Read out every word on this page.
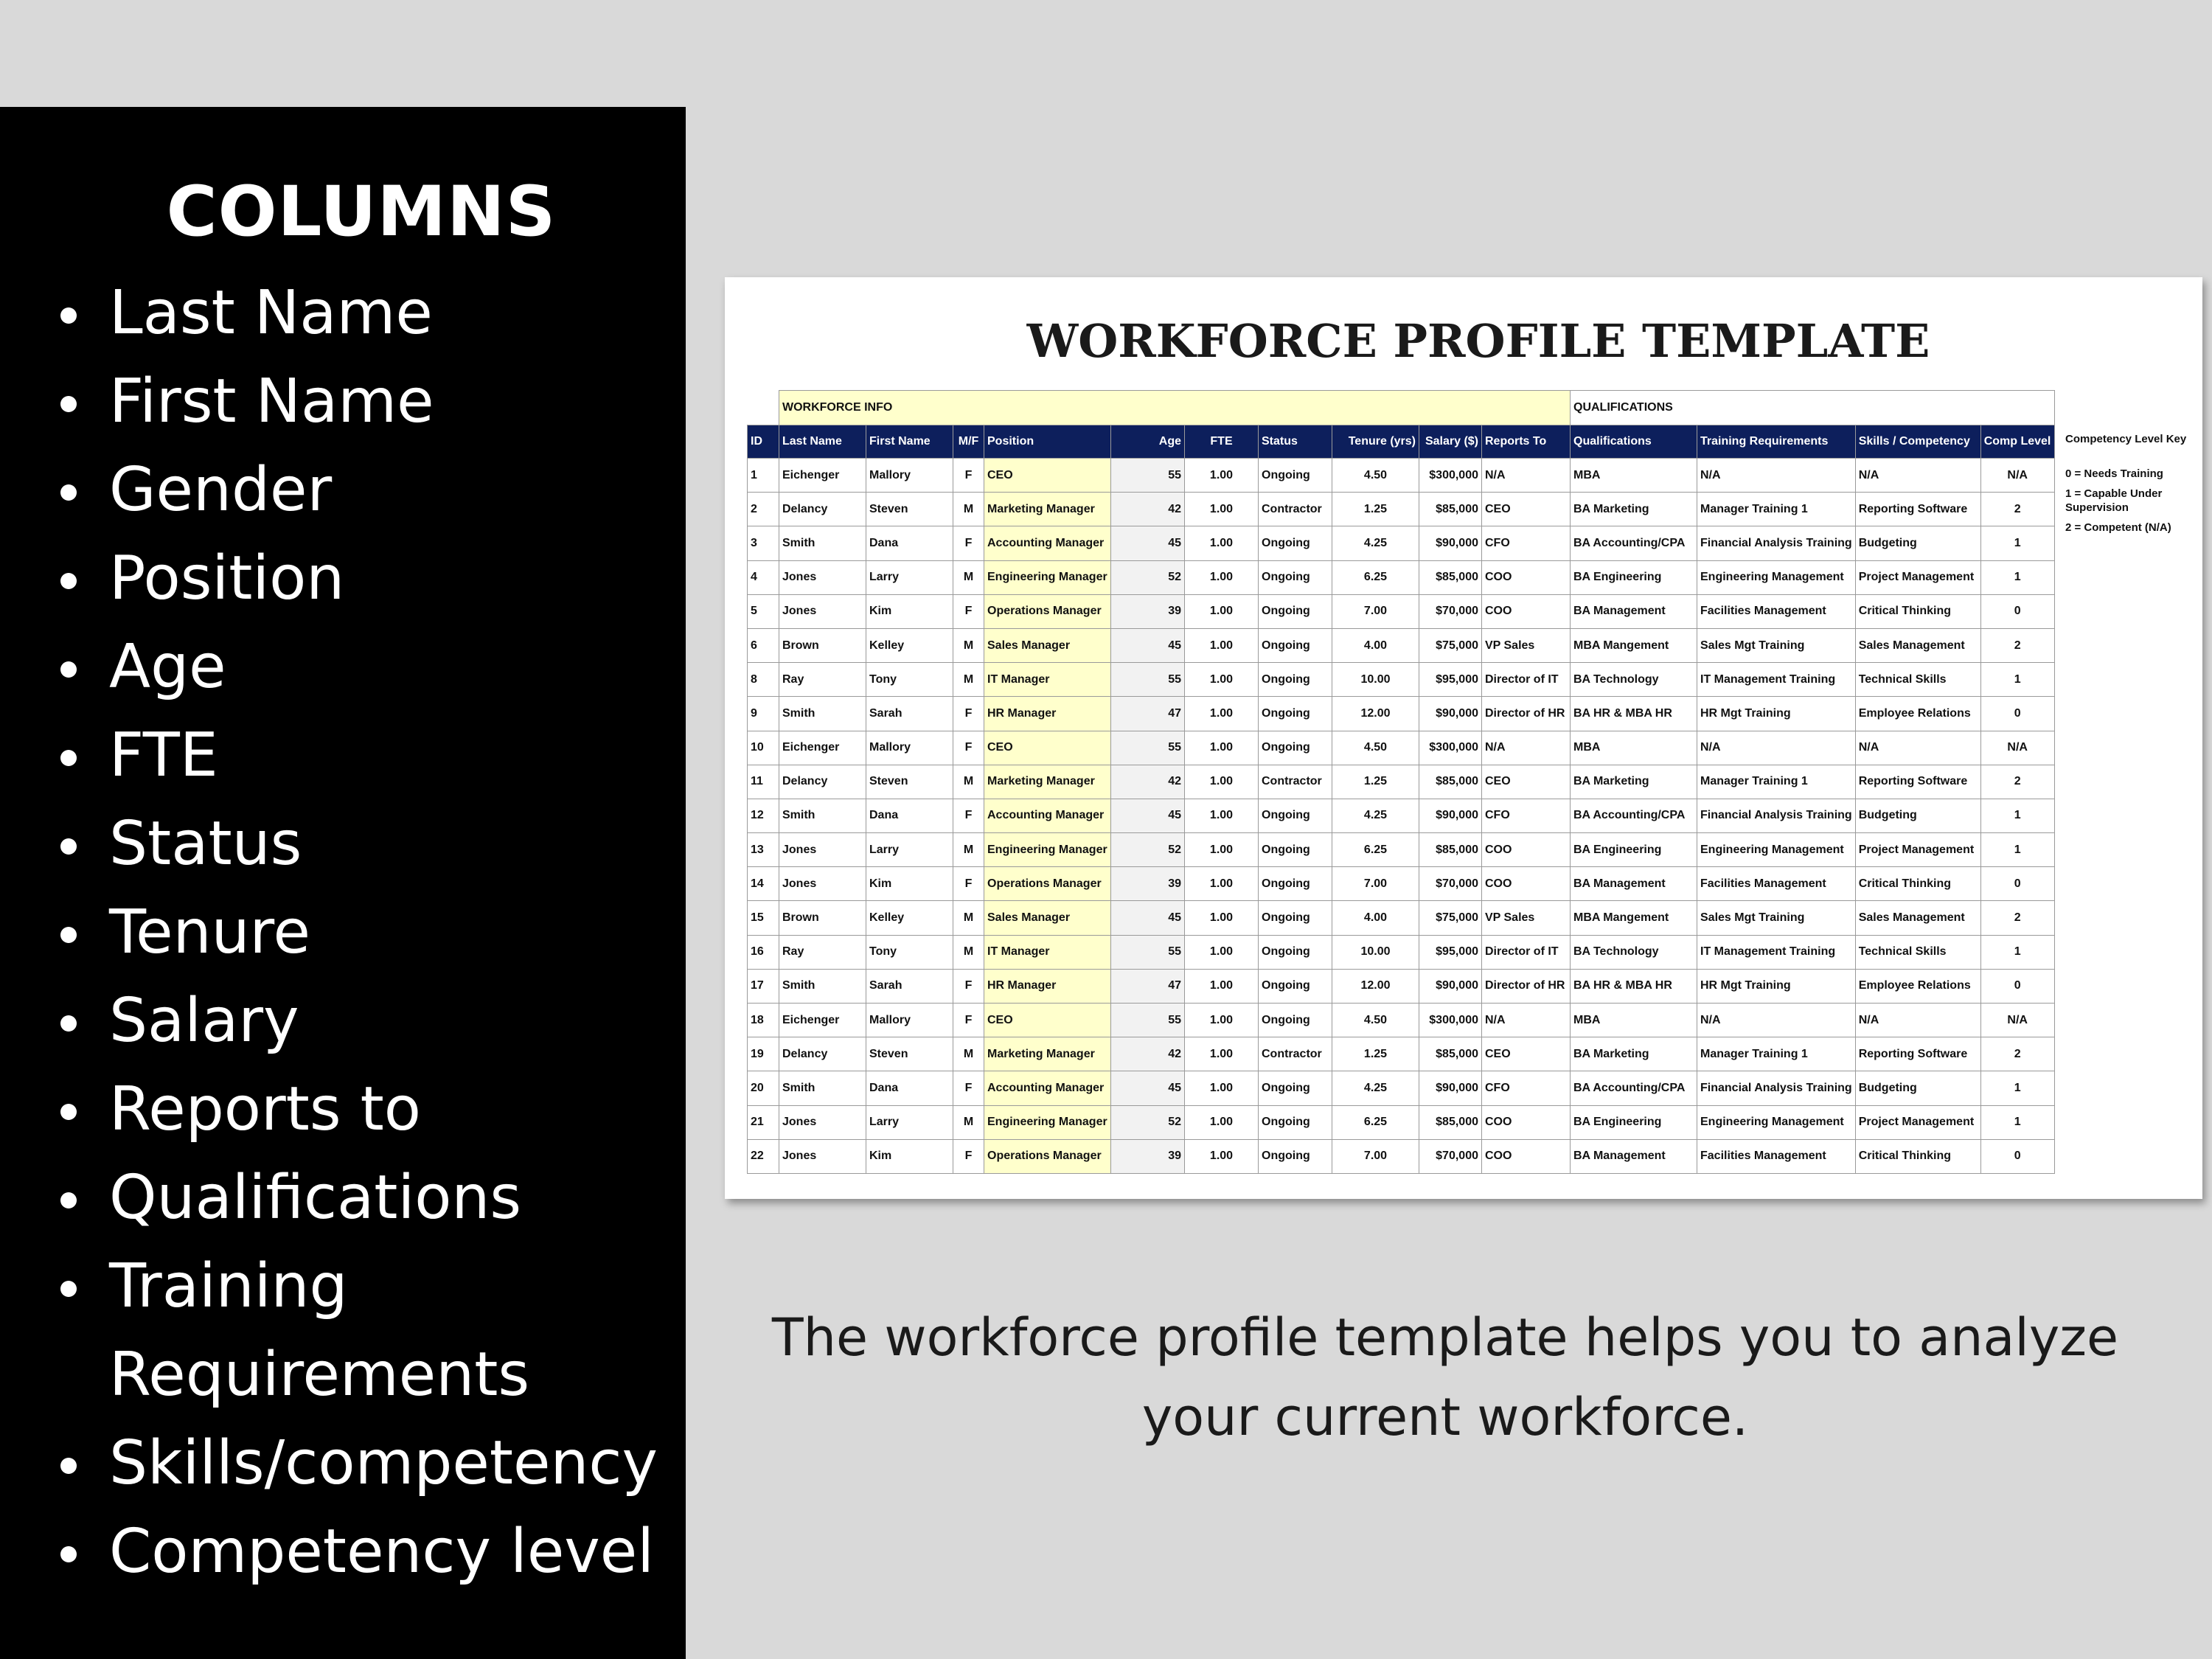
COLUMNS
Last Name
First Name
Gender
Position
Age
FTE
Status
Tenure
Salary
Reports to
Qualifications
Training
Requirements
Skills/competency
Competency level
WORKFORCE PROFILE TEMPLATE
	WORKFORCE INFO										QUALIFICATIONS			
ID	Last Name	First Name	M/F	Position	Age	FTE	Status	Tenure (yrs)	Salary ($)	Reports To	Qualifications	Training Requirements	Skills / Competency	Comp Level
1	Eichenger	Mallory	F	CEO	55	1.00	Ongoing	4.50	$300,000	N/A	MBA	N/A	N/A	N/A
2	Delancy	Steven	M	Marketing Manager	42	1.00	Contractor	1.25	$85,000	CEO	BA Marketing	Manager Training 1	Reporting Software	2
3	Smith	Dana	F	Accounting Manager	45	1.00	Ongoing	4.25	$90,000	CFO	BA Accounting/CPA	Financial Analysis Training	Budgeting	1
4	Jones	Larry	M	Engineering Manager	52	1.00	Ongoing	6.25	$85,000	COO	BA Engineering	Engineering Management	Project Management	1
5	Jones	Kim	F	Operations Manager	39	1.00	Ongoing	7.00	$70,000	COO	BA Management	Facilities Management	Critical Thinking	0
6	Brown	Kelley	M	Sales Manager	45	1.00	Ongoing	4.00	$75,000	VP Sales	MBA Mangement	Sales Mgt Training	Sales Management	2
8	Ray	Tony	M	IT Manager	55	1.00	Ongoing	10.00	$95,000	Director of IT	BA Technology	IT Management Training	Technical Skills	1
9	Smith	Sarah	F	HR Manager	47	1.00	Ongoing	12.00	$90,000	Director of HR	BA HR & MBA HR	HR Mgt Training	Employee Relations	0
10	Eichenger	Mallory	F	CEO	55	1.00	Ongoing	4.50	$300,000	N/A	MBA	N/A	N/A	N/A
11	Delancy	Steven	M	Marketing Manager	42	1.00	Contractor	1.25	$85,000	CEO	BA Marketing	Manager Training 1	Reporting Software	2
12	Smith	Dana	F	Accounting Manager	45	1.00	Ongoing	4.25	$90,000	CFO	BA Accounting/CPA	Financial Analysis Training	Budgeting	1
13	Jones	Larry	M	Engineering Manager	52	1.00	Ongoing	6.25	$85,000	COO	BA Engineering	Engineering Management	Project Management	1
14	Jones	Kim	F	Operations Manager	39	1.00	Ongoing	7.00	$70,000	COO	BA Management	Facilities Management	Critical Thinking	0
15	Brown	Kelley	M	Sales Manager	45	1.00	Ongoing	4.00	$75,000	VP Sales	MBA Mangement	Sales Mgt Training	Sales Management	2
16	Ray	Tony	M	IT Manager	55	1.00	Ongoing	10.00	$95,000	Director of IT	BA Technology	IT Management Training	Technical Skills	1
17	Smith	Sarah	F	HR Manager	47	1.00	Ongoing	12.00	$90,000	Director of HR	BA HR & MBA HR	HR Mgt Training	Employee Relations	0
18	Eichenger	Mallory	F	CEO	55	1.00	Ongoing	4.50	$300,000	N/A	MBA	N/A	N/A	N/A
19	Delancy	Steven	M	Marketing Manager	42	1.00	Contractor	1.25	$85,000	CEO	BA Marketing	Manager Training 1	Reporting Software	2
20	Smith	Dana	F	Accounting Manager	45	1.00	Ongoing	4.25	$90,000	CFO	BA Accounting/CPA	Financial Analysis Training	Budgeting	1
21	Jones	Larry	M	Engineering Manager	52	1.00	Ongoing	6.25	$85,000	COO	BA Engineering	Engineering Management	Project Management	1
22	Jones	Kim	F	Operations Manager	39	1.00	Ongoing	7.00	$70,000	COO	BA Management	Facilities Management	Critical Thinking	0
Competency Level Key
0 = Needs Training
1 = Capable Under Supervision
2 = Competent (N/A)

The workforce profile template helps you to analyze
your current workforce.
